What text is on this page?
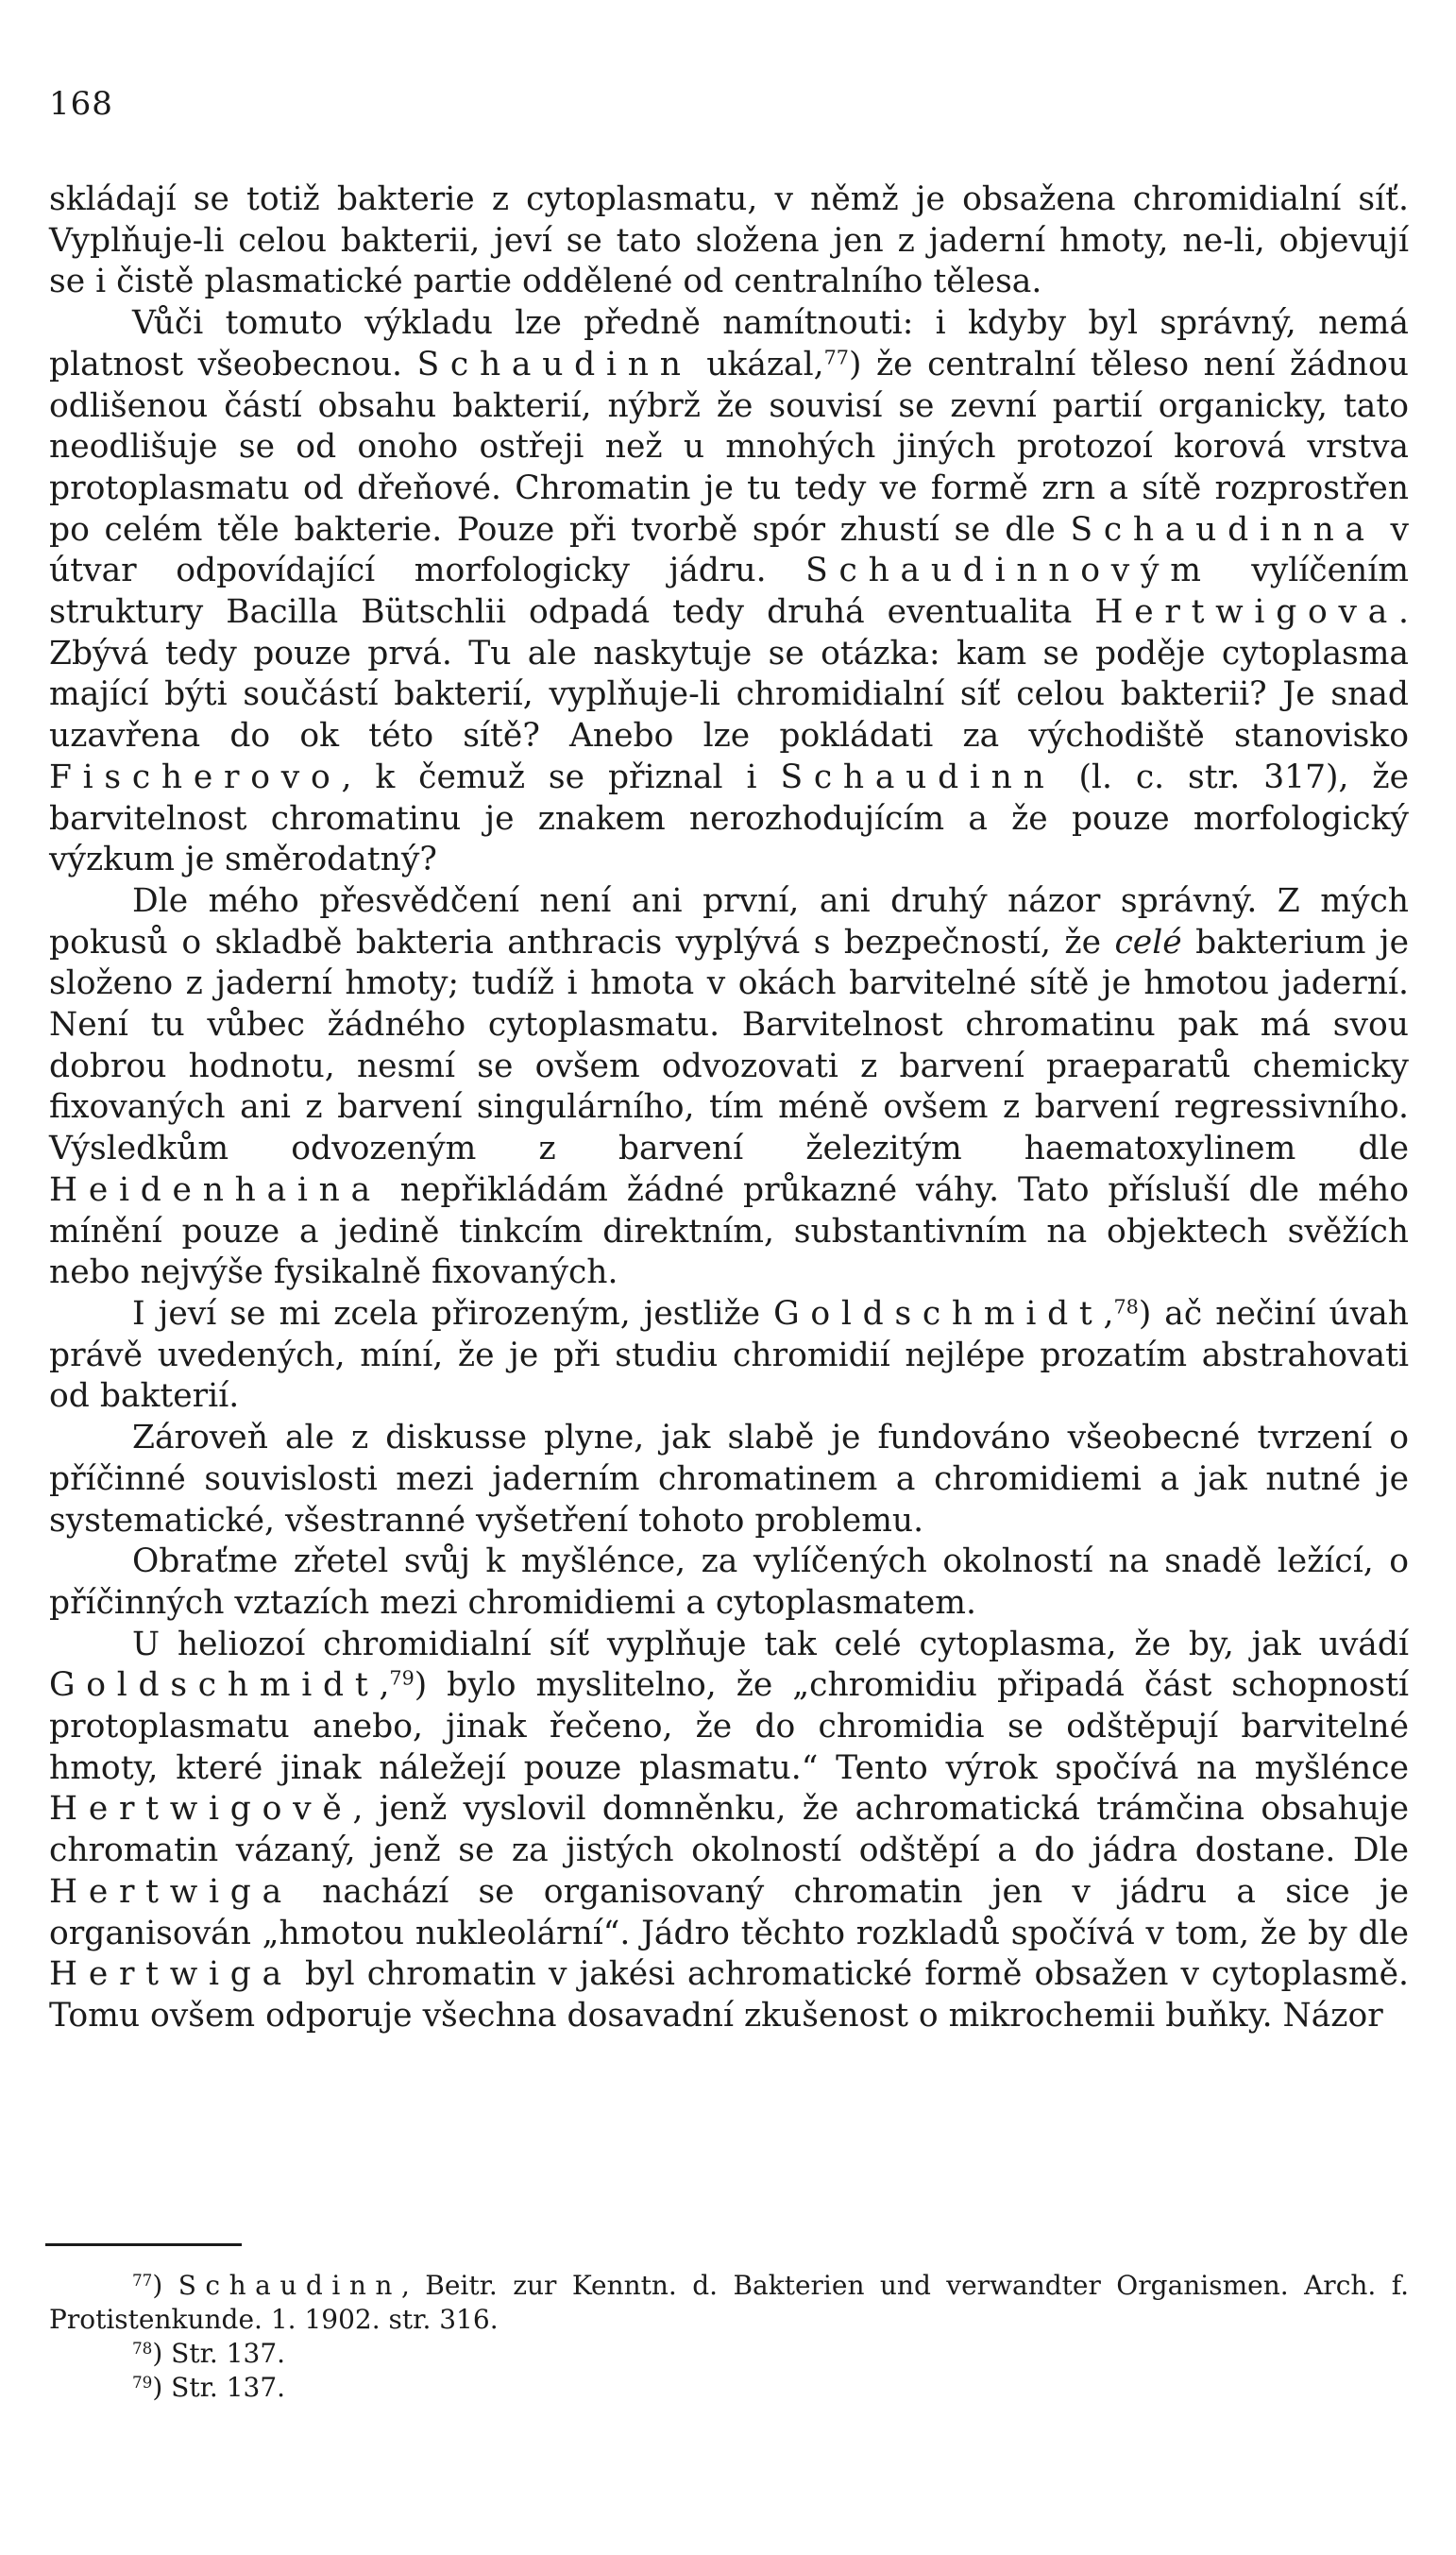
168

skládají se totiž bakterie z cytoplasmatu, v němž je obsažena chromidialní síť. Vyplňuje-li celou bakterii, jeví se tato složena jen z jaderní hmoty, ne-li, objevují se i čistě plasmatické partie oddělené od centralního tělesa.

Vůči tomuto výkladu lze předně namítnouti: i kdyby byl správný, nemá platnost všeobecnou. Schaudinn ukázal,$^{77}$) že centralní těleso není žádnou odlišenou částí obsahu bakterií, nýbrž že souvisí se zevní partií organicky, tato neodlišuje se od onoho ostřeji než u mnohých jiných protozoí korová vrstva protoplasmatu od dřeňové. Chromatin je tu tedy ve formě zrn a sítě rozprostřen po celém těle bakterie. Pouze při tvorbě spór zhustí se dle Schaudinna v útvar odpovídající morfologicky jádru. Schaudinnovým vylíčením struktury Bacilla Bütschlii odpadá tedy druhá eventualita Hertwigova. Zbývá tedy pouze prvá. Tu ale naskytuje se otázka: kam se poděje cytoplasma mající býti součástí bakterií, vyplňuje-li chromidialní síť celou bakterii? Je snad uzavřena do ok této sítě? Anebo lze pokládati za východiště stanovisko Fischerovo, k čemuž se přiznal i Schaudinn (l. c. str. 317), že barvitelnost chromatinu je znakem nerozhodujícím a že pouze morfologický výzkum je směrodatný?

Dle mého přesvědčení není ani první, ani druhý názor správný. Z mých pokusů o skladbě bakteria anthracis vyplývá s bezpečností, že celé bakterium je složeno z jaderní hmoty; tudíž i hmota v okách barvitelné sítě je hmotou jaderní. Není tu vůbec žádného cytoplasmatu. Barvitelnost chromatinu pak má svou dobrou hodnotu, nesmí se ovšem odvozovati z barvení praeparatů chemicky fixovaných ani z barvení singulárního, tím méně ovšem z barvení regressivního. Výsledkům odvozeným z barvení železitým haematoxylinem dle Heidenhaina nepřikládám žádné průkazné váhy. Tato přísluší dle mého mínění pouze a jedině tinkcím direktním, substantivním na objektech svěžích nebo nejvýše fysikalně fixovaných.

I jeví se mi zcela přirozeným, jestliže Goldschmidt,$^{78}$) ač nečiní úvah právě uvedených, míní, že je při studiu chromidií nejlépe prozatím abstrahovati od bakterií.

Zároveň ale z diskusse plyne, jak slabě je fundováno všeobecné tvrzení o příčinné souvislosti mezi jaderním chromatinem a chromidiemi a jak nutné je systematické, všestranné vyšetření tohoto problemu.

Obraťme zřetel svůj k myšlénce, za vylíčených okolností na snadě ležící, o příčinných vztazích mezi chromidiemi a cytoplasmatem.

U heliozoí chromidialní síť vyplňuje tak celé cytoplasma, že by, jak uvádí Goldschmidt,$^{79}$) bylo myslitelno, že „chromidiu připadá část schopností protoplasmatu anebo, jinak řečeno, že do chromidia se odštěpují barvitelné hmoty, které jinak náležejí pouze plasmatu.“ Tento výrok spočívá na myšlénce Hertwigově, jenž vyslovil domněnku, že achromatická trámčina obsahuje chromatin vázaný, jenž se za jistých okolností odštěpí a do jádra dostane. Dle Hertwiga nachází se organisovaný chromatin jen v jádru a sice je organisován „hmotou nukleolární“. Jádro těchto rozkladů spočívá v tom, že by dle Hertwiga byl chromatin v jakési achromatické formě obsažen v cytoplasmě. Tomu ovšem odporuje všechna dosavadní zkušenost o mikrochemii buňky. Názor

$^{77}$) Schaudinn, Beitr. zur Kenntn. d. Bakterien und verwandter Organismen. Arch. f. Protistenkunde. 1. 1902. str. 316.

$^{78}$) Str. 137.

$^{79}$) Str. 137.
